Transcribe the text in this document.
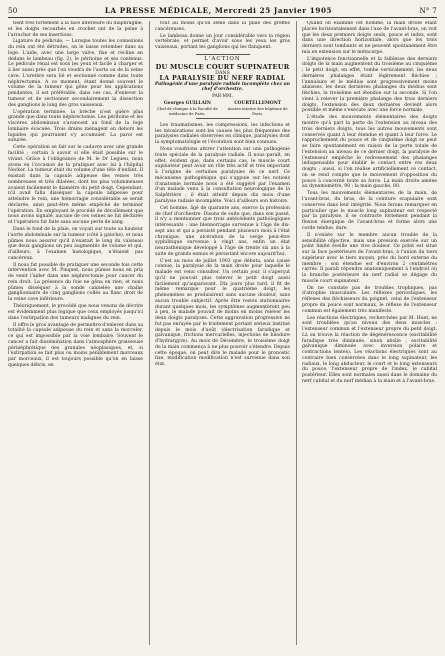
50	LA PRESSE MÉDICALE, Mercredi 25 Janvier 1905	N° 7

tient très fortement à la face inférieure du diaphragme, et les doigts recourbés en crochet ont de la peine à l'arracher de ses insertions.

Ligature du pédicule. — Lorsque toutes les connexions du rein ont été détruites, on le laisse retomber dans sa loge. L'aide, avec une large valve, fixe et récline en dedans le lambeau (fig. 2), le péritoine et ses contenus. Le pédicule rénal est sous les yeux et facile à charger et à lier aussi près que l'on voudra de l'aorta ou de la veine cave. L'uretère sera lié et sectionné comme dans toute néphrectomie. A ce moment, étant donné souvent le volume de la tumeur qui gêne pour les applications pendantes, il est préférable, dans ces cas, d'enlever la tumeur et de sectionner secondairement la dissection des ganglions le long des gros vaisseaux.

L'opération terminée, la brèche n'est guère plus grande que dans toute néphrectomie. Les péritoine et les viscères abdominaux s'avancent au fond de la loge lombaire évacuée. Trois drains ménagent en dehors les liquides qui pourraient s'y accumuler. La paroi est suturée.

Cette opération se fait sur le cadavre avec une grande facilité ; certain à savoir si elle était possible sur le vivant. Grâce à l'obligeance de M. le Dr Legueu, nous avons eu l'occasion de la pratiquer avec lui à l'hôpital Necker. La tumeur était du volume d'une tête d'enfant. Il existait dans la capsule adipeuse des veines très nombreuses et très dilatées, dont les plus volumineuses avaient facilement le diamètre du petit doigt. Cependant, n'il avait fallu disséquer la capsule adipeuse pour atteindre le rein, une hémorragie considérable se serait déclarée, ainsi peut-être même empêché de terminer l'opération. En employant le procédé de décollement que nous avons signalé, aucune de ces veines ne fut déchirée et l'opération fut faite sans aucune perte de sang.

Dans le fond de la plaie, on voyait sur toute sa hauteur l'aorte abdominale sur la tumeur (côté à gauche), et nous pûmes nous assurer qu'il n'existait le long du vaisseau que deux ganglions un peu augmentés de volume et qui, d'ailleurs, à l'examen histologique, n'étaient pas cancéreux.

Il nous fut possible de pratiquer une seconde fois cette intervention avec M. Pinquet, nous pûmes nous en pris de venir l'aider dans une néphrectomie pour cancer du rein droit. La présence du foie ne gêna en rien, et nous pûmes disséquer à la sonde cannelée une chaîne ganglionnaire de cinq ganglions collés au flanc droit de la veine cave inférieure.

Théoriquement, le procédé que nous venons de décrire est évidemment plus logique que ceux employés jusqu'ici dans l'extirpation des tumeurs malignes du rein.

Il offre le gros avantage de permettre d'enlever dans sa totalité la capsule adipeuse du rein et sans la morceler, ce qui est impossible par la voie lombaire. Souvent le cancer a fait dissémination dans l'atmosphère graisseuse périnéphrétique des granules néoplasiques, et, si l'extirpation se fait plus ou moins péniblement morceaux par morceaux, il est toujours possible qu'on en laisse quelques débris, en

tout au moins qu'on sème dans la plaie des greffes cancéreuses.

Le lambeau donne un jour considérable vers la région vertébrale, et permet d'avoir sous les yeux les gros vaisseaux, portant les ganglions qui les flanquent.

L'ACTION
DU MUSCLE COURT SUPINATEUR
DANS
LA PARALYSIE DU NERF RADIAL
Pathogénie d'une paralysie radiale incomplète chez un chef d'orchestre.
PAR MM.
Georges GUILLAIN
Chef de clinique à la Faculté de médecine de Paris.
COURTELLEMONT
Ancien interne des hôpitaux de Paris.

Les traumatismes, les compressions, les infections et les intoxications sont les causes les plus fréquentes des paralysies radiales observées en clinique, paralysies dont la symptomatologie et l'évolution sont bien connues.

Nous voudrions attirer l'attention sur une pathogénie toute spéciale de la paralysie radiale. Il nous paraît, en effet, évident que, dans certains cas, le muscle court supinateur peut avoir un rôle très actif et très important à l'origine de certaines paralysies de ce nerf. Ce mécanisme pathogénique qui s'appuie sur les notions d'anatomie normale nous a été suggéré par l'examen d'un malade venu à la consultation neurologique de la Salpêtrière ; il était atteint depuis dix mois d'une paralysie radiale incomplète. Voici d'ailleurs son histoire.

Cet homme, âgé de quarante ans, exerce la profession de chef d'orchestre. Disons de suite que, dans son passé, il n'y a mentionner que trois antécédents pathologiques intéressants : une blennorragie survenue à l'âge de dix-sept ans et qui a persisté pendant plusieurs mois à l'état chronique, une ulcération de la verge peut-être syphilitique survenue à vingt ans, enfin un état neurasthénique développé à l'âge de trente six ans à la suite de grands ennuis et persistant encore aujourd'hui.

C'est au mois de juillet 1903 que débuta, sans cause connue, la paralysie de la main droite pour laquelle le malade est venu consulter. Un certain jour, il s'aperçut qu'il ne pouvait plus relever le petit doigt aussi facilement qu'auparavant. Dix jours plus tard, il fit de même remarque pour le quatrième doigt, les phénomènes se produisirent sans aucune douleur, sans aucun trouble subjectif. Après être restés stationnaires durant quelques mois, les symptômes augmentèrent peu à peu, le malade pouvait de moins en moins relever les deux doigts paralysés. Cette aggravation progressive ne fut pas enrayée par le traitement portant sérieux institué depuis le mois d'août (électrisation faradique et galvanique, frictions mercurielles, injections de biiodure d'hydrargyre). Au mois de Décembre, le troisième doigt de la main commença à ne plus pouvoir s'étendre. Depuis cette époque, on peut dire le malade pour le pronostic fixe, modification modification n'est survenue dans son état.

Quand on examine cet homme, la main droite étant placée horizontalement dans l'axe de l'avant-bras, on voit que les deux premiers doigts seuls, pouce et index, sont dans une direction horizontale, alors que les trois derniers sont tombants et ne peuvent spontanément être mis en extension sur le métacarpe.

L'impotence fonctionnelle et la faiblesse des derniers doigts de la main augmentent du troisième au cinquième ; le petit doigt, en effet, tombe verticalement, les deux dernières phalanges étant légèrement fléchies ; l'annulaire et le médius sont progressivement moins abaissés, les deux dernières phalanges du médius sont fléchies, la troisième est étendue sur la seconde. Si l'on vient à relever la première phalange des trois derniers doigts, l'extension des deux dernières devient alors possible et même s'exécute avec une force normale.

L'étude des mouvements élémentaires des doigts montre qu'à part la perte de l'extension au niveau des trois derniers doigts, tous les autres mouvements sont conservés quant à leur étendue et quant à leur force. Le rapprochement du pouce et de cinquième doigt se peut se faire spontanément en raison de la perte totale de l'extension au niveau de ce dernier doigt, la paralysie de l'extenseur empêche le redressement des phalanges indispensable pour établir le contact entre ces deux doigts ; aussi, si l'on réalise artificiellement ce contact, on se rend compte que le mouvement d'opposition du pouce à concerné toute sa force. La main droite amène au dynamomètre, 90 ; la main gauche, 80.

Tous les mouvements élémentaires de la main, de l'avant-bras, du bras, de la ceinture scapulaire sont conservés dans leur intégrité. Nous ferons remarquer en particulier que le muscle long supinateur est respecté par la paralysie, il se contracte fortement pendant la flexion énergique de l'avant-bras et forme alors une corde tendue, dure.

Il n'existe sur le membre aucun trouble de la sensibilité objective, mais une pression exercée sur un point limité éveille une vive douleur. Ce point est situé sur la face postérieure de l'avant-bras, à l'union du tiers supérieur avec le tiers moyen, près du bord externe du membre ; son étendue est d'environ 2 centimètres carrés. Il paraît répondre anatomiquement à l'endroit où la branche postérieure du nerf radial se dégage du muscle court supinateur.

On ne constate pas de troubles trophiques, pas d'atrophie musculaire. Les réflexes périostiques, les réflexes des fléchisseurs du poignet, celui de l'extenseur propre du pouce sont normaux, le réflexe de l'extenseur commun est également très manifeste.

Les réactions électriques, recherchées par M. Huet, ne sont troublées qu'au niveau des deux muscles : l'extenseur commun et l'extenseur propre du petit doigt. Là on trouve la réaction de dégénérescence (excitabilité faradique très diminuée, sinon abolie ; excitabilité galvanique diminuée avec inversion polaire et contractions lentes). Les réactions électriques sont au contraire bien conservées dans le long supinateur, les radiaux, le long abducteur, le court et le long extenseurs du pouce, l'extenseur propre de l'index, le cubital postérieur. Elles sont normales aussi dans le domaine du nerf cubital et du nerf médian à la main et à l'avant-bras.
